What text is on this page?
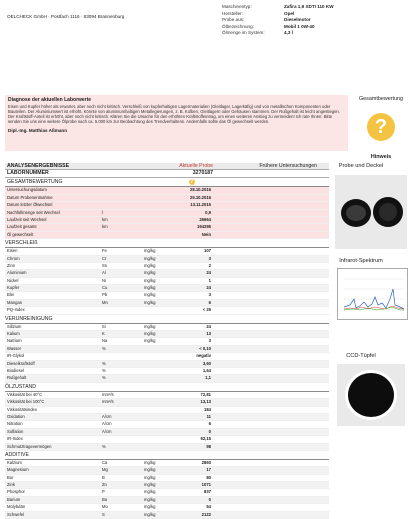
OELCHECK GmbH · Postfach 1116 · 83094 Brannenburg
Maschinentyp:	Zafira 1,9 XDTI 110 KW
Hersteller:	Opel
Probe aus:	Dieselmotor
Ölbezeichnung:	Mobil 1 0W-40
Ölmenge im System:	4,3 l
Diagnose der aktuellen Laborwerte
Eisen und Kupfer höher als erwartet, aber noch nicht kritisch. Verschleiß von kupferhaltigen Lagermaterialien (Gleitlager, Lagerkäfig) und von metallischen Komponenten oder Bauteilen. Der Aluminiumwert ist erhöht. Könnte von aluminiumhaltigen Metallegierungen, z. B. Kolben, Gleitlagern oder Gehäusen stammen. Der Rußgehalt ist leicht angestiegen. Der Kraftstoff-Anteil ist erhöht, aber noch nicht kritisch. Klären Sie die Ursache für den erhöhten Kraftstoffeintrag, um einen weiteren Anstieg zu vermeiden! Ich rate Ihnen: Bitte senden Sie uns eine weitere Ölprobe nach ca. 5.000 km zur Beobachtung des Trendverhaltens. Andernfalls sollte das Öl gewechselt werden.
Dipl.-Ing. Matthias Aßmann
Gesamtbewertung
?
Hinweis
ANALYSENERGEBNISSE	Aktuelle Probe	Frühere Untersuchungen
LABORNUMMER	3270187
GESAMTBEWERTUNG	?
Untersuchungsdatum	28.10.2016
Datum Probenentnahme	25.10.2016
Datum letzter Ölwechsel	13.11.2015
Nachfüllmenge seit Wechsel	l	0,9
Laufzeit seit Wechsel	km	26664
Laufzeit gesamt	km	194295
Öl gewechselt	Nein
VERSCHLEIß
Eisen	Fe	mg/kg	107
Chrom	Cr	mg/kg	3
Zinn	Sn	mg/kg	2
Aluminium	Al	mg/kg	24
Nickel	Ni	mg/kg	1
Kupfer	Cu	mg/kg	24
Blei	Pb	mg/kg	3
Mangan	Mn	mg/kg	6
PQ-Index	< 25
VERUNREINIGUNG
Silizium	Si	mg/kg	24
Kalium	K	mg/kg	13
Natrium	Na	mg/kg	3
Wasser	%	< 0,10
IR-Glykol	negativ
Dieselkraftstoff	%	3,60
Biodiesel	%	1,64
Rußgehalt	%	1,1
ÖLZUSTAND
Viskosität bei 40°C	mm²/s	72,81
Viskosität bei 100°C	mm²/s	13,13
Viskositätsindex	184
Oxidation	A/cm	11
Nitration	A/cm	6
Sulfation	A/cm	0
IR-Index	92,15
Schmutztragevermögen	%	98
ADDITIVE
Kalzium	Ca	mg/kg	2893
Magnesium	Mg	mg/kg	17
Bor	B	mg/kg	80
Zink	Zn	mg/kg	1071
Phosphor	P	mg/kg	837
Barium	Ba	mg/kg	0
Molybdän	Mo	mg/kg	54
Schwefel	S	mg/kg	2122
Probe und Deckel
Infrarot-Spektrum
CCD-Tüpfel
